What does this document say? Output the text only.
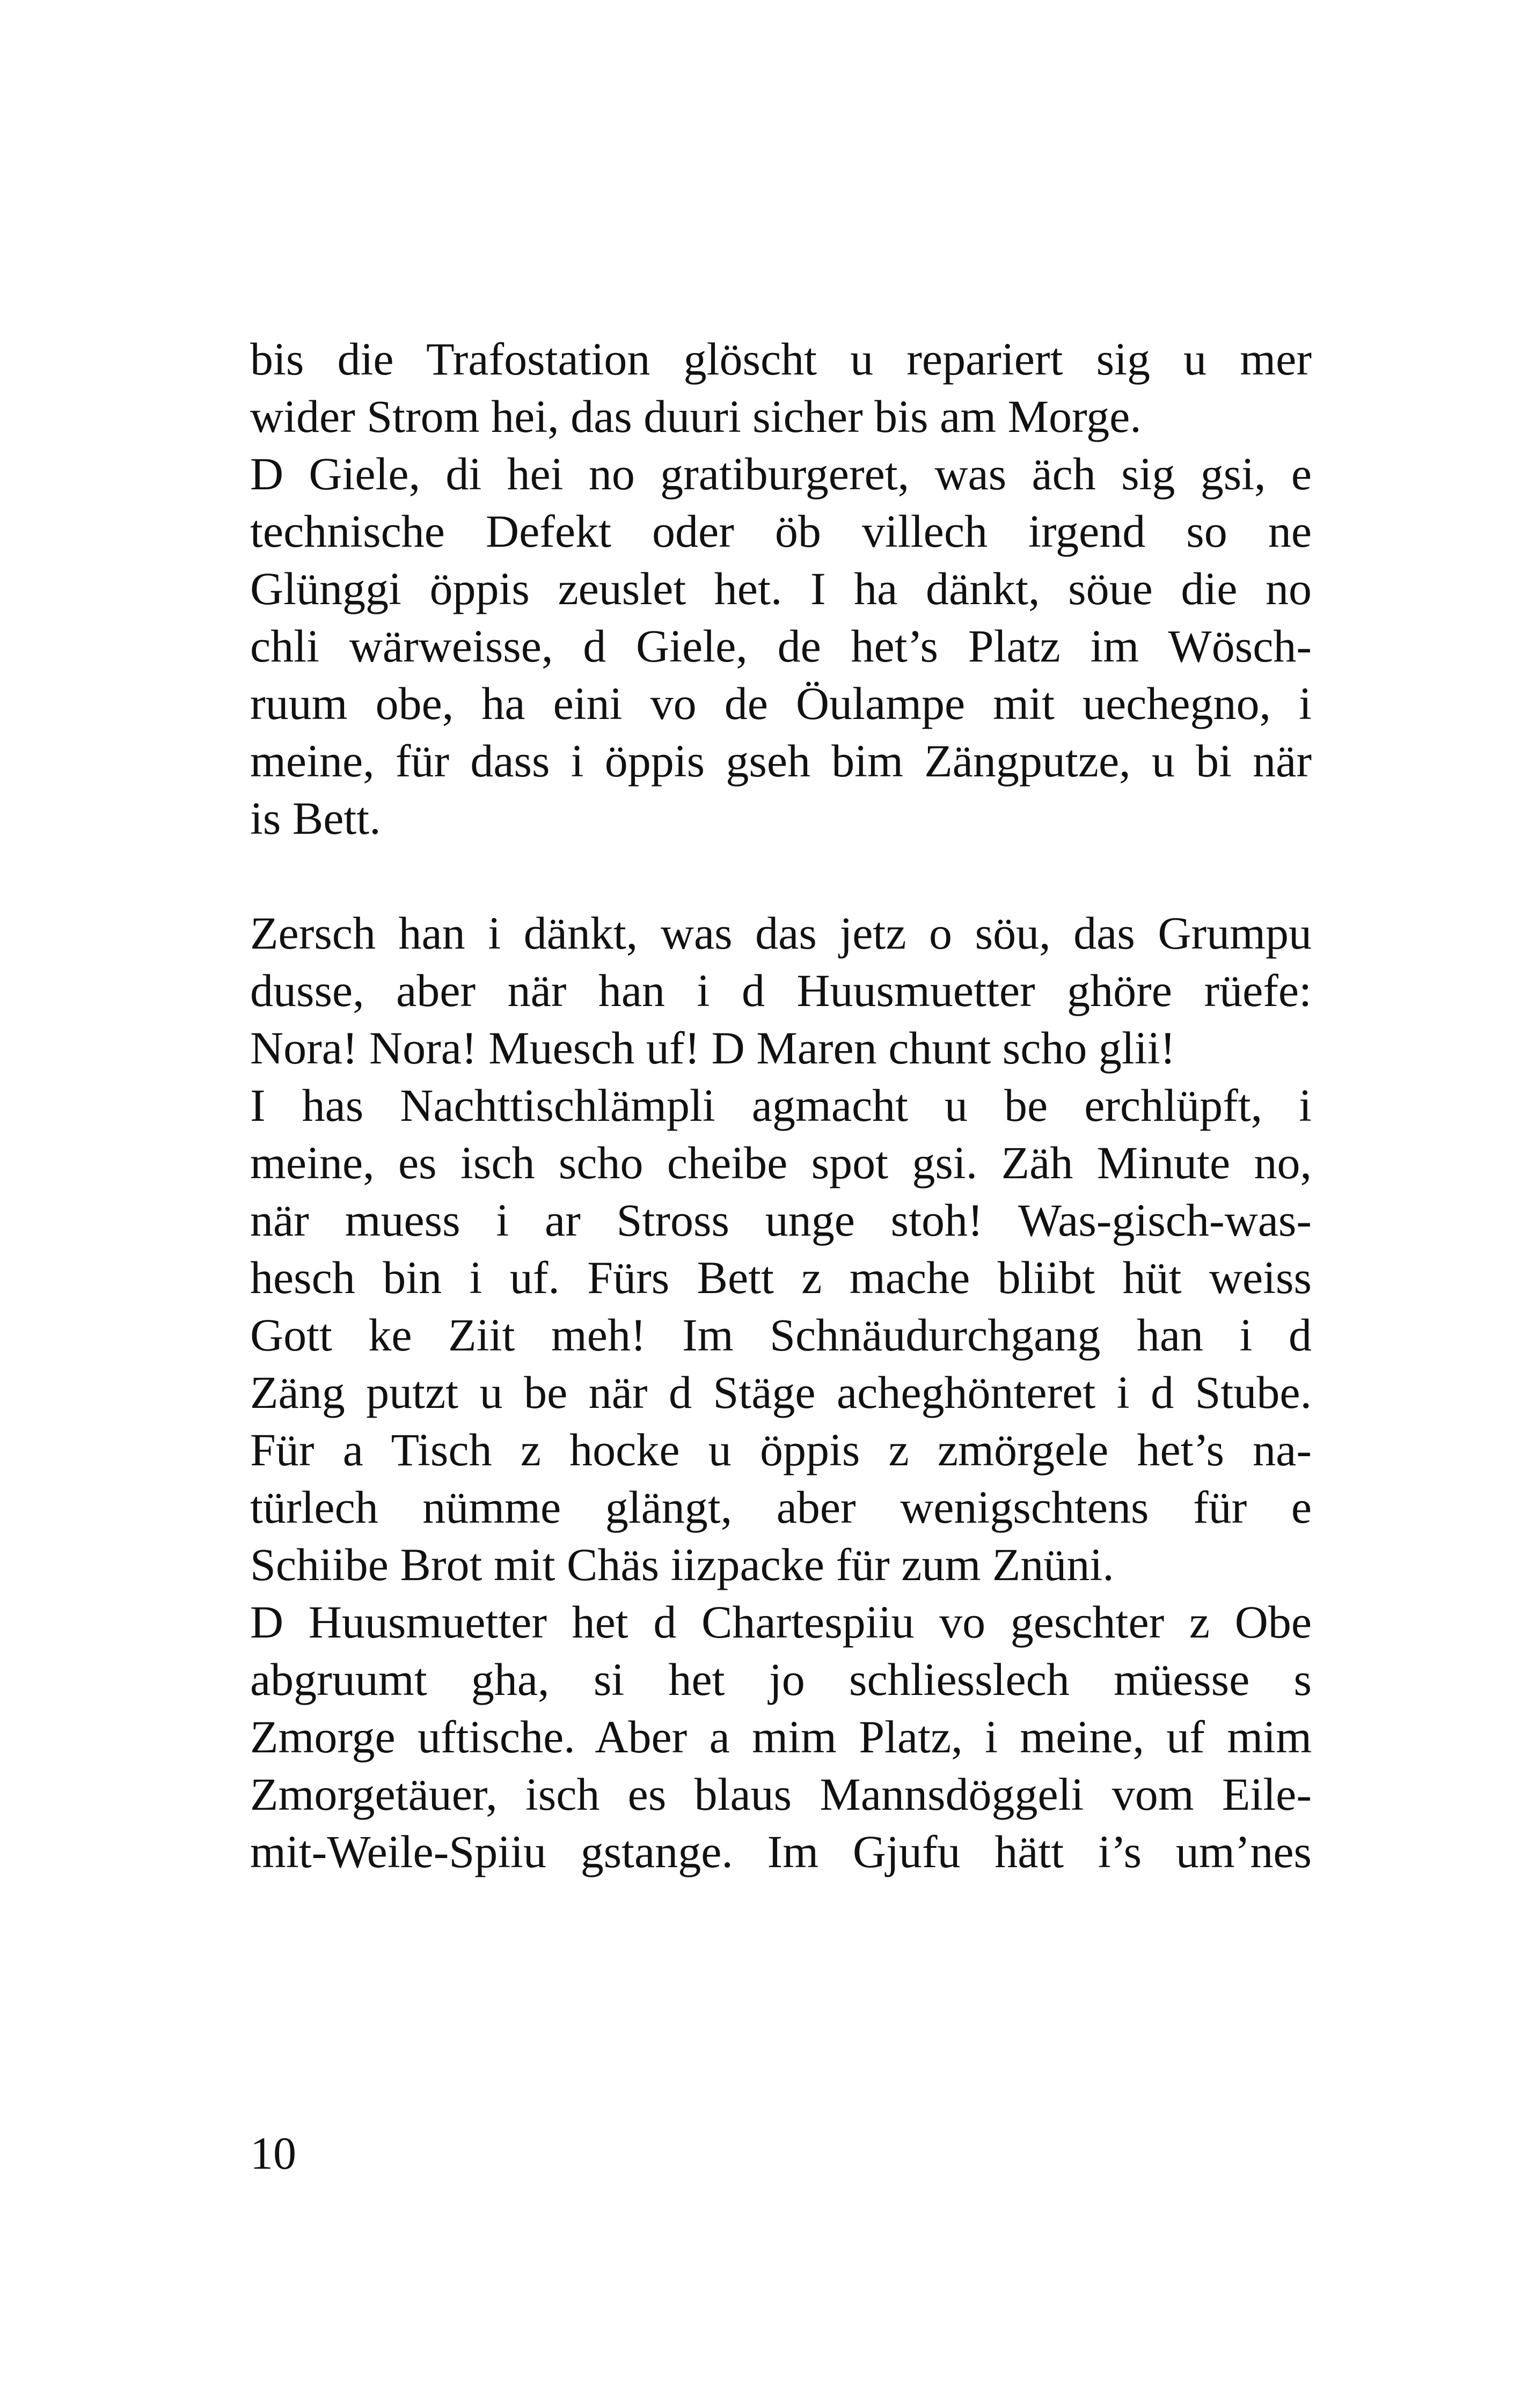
bis die Trafostation glöscht u repariert sig u mer
wider Strom hei, das duuri sicher bis am Morge.
D Giele, di hei no gratiburgeret, was äch sig gsi, e
technische Defekt oder öb villech irgend so ne
Glünggi öppis zeuslet het. I ha dänkt, söue die no
chli wärweisse, d Giele, de het’s Platz im Wösch-
ruum obe, ha eini vo de Öulampe mit uechegno, i
meine, für dass i öppis gseh bim Zängputze, u bi när
is Bett.
Zersch han i dänkt, was das jetz o söu, das Grumpu
dusse, aber när han i d Huusmuetter ghöre rüefe:
Nora! Nora! Muesch uf! D Maren chunt scho glii!
I has Nachttischlämpli agmacht u be erchlüpft, i
meine, es isch scho cheibe spot gsi. Zäh Minute no,
när muess i ar Stross unge stoh! Was-gisch-was-
hesch bin i uf. Fürs Bett z mache bliibt hüt weiss
Gott ke Ziit meh! Im Schnäudurchgang han i d
Zäng putzt u be när d Stäge acheghönteret i d Stube.
Für a Tisch z hocke u öppis z zmörgele het’s na-
türlech nümme glängt, aber wenigschtens für e
Schiibe Brot mit Chäs iizpacke für zum Znüni.
D Huusmuetter het d Chartespiiu vo geschter z Obe
abgruumt gha, si het jo schliesslech müesse s
Zmorge uftische. Aber a mim Platz, i meine, uf mim
Zmorgetäuer, isch es blaus Mannsdöggeli vom Eile-
mit-Weile-Spiiu gstange. Im Gjufu hätt i’s um’nes
10
